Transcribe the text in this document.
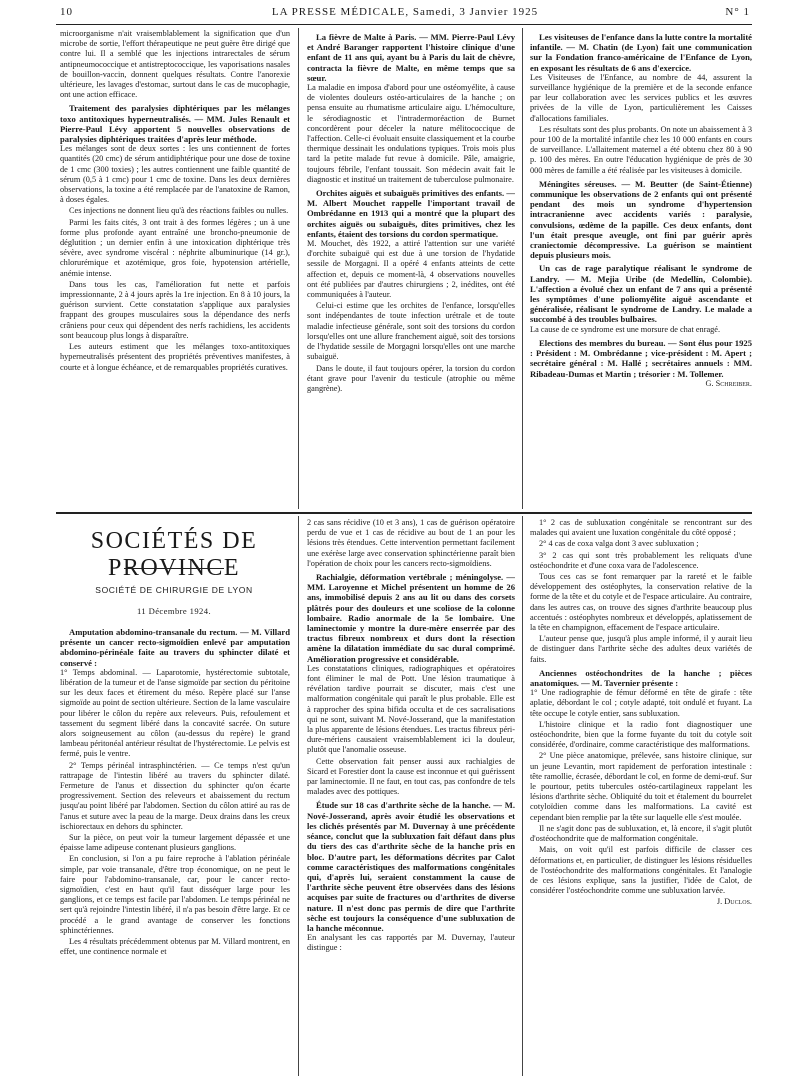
10	LA PRESSE MÉDICALE, Samedi, 3 Janvier 1925	N° 1

microorganisme n'ait vraisemblablement la signification que d'un microbe de sortie, l'effort thérapeutique ne peut guère être dirigé que contre lui. Il a semblé que les injections intrarectales de sérum antipneumococcique et antistreptococcique, les vaporisations nasales de bouillon-vaccin, donnent quelques résultats. Contre l'anorexie ultérieure, les lavages d'estomac, surtout dans le cas de mucophagie, ont une action efficace.

Traitement des paralysies diphtériques par les mélanges toxo antitoxiques hyperneutralisés. — MM. Jules Renault et Pierre-Paul Lévy apportent 5 nouvelles observations de paralysies diphtériques traitées d'après leur méthode.

Les mélanges sont de deux sortes : les uns contiennent de fortes quantités (20 cmc) de sérum antidiphtérique pour une dose de toxine de 1 cmc (300 toxies) ; les autres contiennent une faible quantité de sérum (0,5 à 1 cmc) pour 1 cmc de toxine. Dans les deux dernières observations, la toxine a été remplacée par de l'anatoxine de Ramon, à doses égales.

Ces injections ne donnent lieu qu'à des réactions faibles ou nulles.

Parmi les faits cités, 3 ont trait à des formes légères ; un à une forme plus profonde ayant entraîné une broncho-pneumonie de déglutition ; un dernier enfin à une intoxication diphtérique très sévère, avec syndrome viscéral : néphrite albuminurique (14 gr.), chlorurémique et azotémique, gros foie, hypotension artérielle, anémie intense.

Dans tous les cas, l'amélioration fut nette et parfois impressionnante, 2 à 4 jours après la 1re injection. En 8 à 10 jours, la guérison survient. Cette constatation s'applique aux paralysies frappant des groupes musculaires sous la dépendance des nerfs crâniens pour ceux qui dépendent des nerfs rachidiens, les accidents sont beaucoup plus longs à disparaître.

Les auteurs estiment que les mélanges toxo-antitoxiques hyperneutralisés présentent des propriétés préventives manifestes, à courte et à longue échéance, et de remarquables propriétés curatives.

La fièvre de Malte à Paris. — MM. Pierre-Paul Lévy et André Baranger rapportent l'histoire clinique d'une enfant de 11 ans qui, ayant bu à Paris du lait de chèvre, contracta la fièvre de Malte, en même temps que sa sœur.

La maladie en imposa d'abord pour une ostéomyélite, à cause de violentes douleurs ostéo-articulaires de la hanche ; on pensa ensuite au rhumatisme articulaire aigu. L'hémoculture, le sérodiagnostic et l'intradermoréaction de Burnet concordèrent pour déceler la nature mélitococcique de l'affection. Celle-ci évoluait ensuite classiquement et la courbe thermique dessinait les ondulations typiques. Trois mois plus tard la petite malade fut revue à domicile. Pâle, amaigrie, toujours fébrile, l'enfant toussait. Son médecin avait fait le diagnostic et institué un traitement de tuberculose pulmonaire.

Orchites aiguës et subaiguës primitives des enfants. — M. Albert Mouchet rappelle l'important travail de Ombrédanne en 1913 qui a montré que la plupart des orchites aiguës ou subaiguës, dites primitives, chez les enfants, étaient des torsions du cordon spermatique.

M. Mouchet, dès 1922, a attiré l'attention sur une variété d'orchite subaiguë qui est due à une torsion de l'hydatide sessile de Morgagni. Il a opéré 4 enfants atteints de cette affection et, depuis ce moment-là, 4 observations nouvelles ont été publiées par d'autres chirurgiens ; 2, inédites, ont été communiquées à l'auteur.

Celui-ci estime que les orchites de l'enfance, lorsqu'elles sont indépendantes de toute infection urétrale et de toute maladie infectieuse générale, sont soit des torsions du cordon lorsqu'elles ont une allure franchement aiguë, soit des torsions de l'hydatide sessile de Morgagni lorsqu'elles ont une marche subaiguë.

Dans le doute, il faut toujours opérer, la torsion du cordon étant grave pour l'avenir du testicule (atrophie ou même gangrène).

Les visiteuses de l'enfance dans la lutte contre la mortalité infantile. — M. Chatin (de Lyon) fait une communication sur la Fondation franco-américaine de l'Enfance de Lyon, en exposant les résultats de 6 ans d'exercice.

Les Visiteuses de l'Enfance, au nombre de 44, assurent la surveillance hygiénique de la première et de la seconde enfance par leur collaboration avec les services publics et les œuvres privées de la ville de Lyon, particulièrement les Caisses d'allocations familiales.

Les résultats sont des plus probants. On note un abaissement à 3 pour 100 de la mortalité infantile chez les 10 000 enfants en cours de surveillance. L'allaitement maternel a été obtenu chez 80 à 90 p. 100 des mères. En outre l'éducation hygiénique de près de 30 000 mères de famille a été réalisée par les visiteuses à domicile.

Méningites séreuses. — M. Beutter (de Saint-Étienne) communique les observations de 2 enfants qui ont présenté pendant des mois un syndrome d'hypertension intracranienne avec accidents variés : paralysie, convulsions, œdème de la papille. Ces deux enfants, dont l'un était presque aveugle, ont fini par guérir après craniectomie décompressive. La guérison se maintient depuis plusieurs mois.
Un cas de rage paralytique réalisant le syndrome de Landry. — M. Mejia Uribe (de Medellín, Colombie). L'affection a évolué chez un enfant de 7 ans qui a présenté les symptômes d'une poliomyélite aiguë ascendante et généralisée, réalisant le syndrome de Landry. Le malade a succombé à des troubles bulbaires.

La cause de ce syndrome est une morsure de chat enragé.

Elections des membres du bureau. — Sont élus pour 1925 : Président : M. Ombrédanne ; vice-président : M. Apert ; secrétaire général : M. Hallé ; secrétaires annuels : MM. Ribadeau-Dumas et Martin ; trésorier : M. Tollemer.

G. Schreiber.

SOCIÉTÉS DE PROVINCE
SOCIÉTÉ DE CHIRURGIE DE LYON
11 Décembre 1924.
Amputation abdomino-transanale du rectum. — M. Villard présente un cancer recto-sigmoïdien enlevé par amputation abdomino-périnéale faite au travers du sphincter dilaté et conservé :

1° Temps abdominal. — Laparotomie, hystérectomie subtotale, libération de la tumeur et de l'anse sigmoïde par section du péritoine sur les deux faces et étirement du méso. Repère placé sur l'anse sigmoïde au point de section ultérieure. Section de la lame vasculaire pour libérer le côlon du repère aux releveurs. Puis, refoulement et tassement du segment libéré dans la concavité sacrée. On suture alors soigneusement au côlon (au-dessus du repère) le grand lambeau péritonéal antérieur résultat de l'hystérectomie. Le pelvis est fermé, puis le ventre.

2° Temps périnéal intrasphinctérien. — Ce temps n'est qu'un rattrapage de l'intestin libéré au travers du sphincter dilaté. Fermeture de l'anus et dissection du sphincter qu'on écarte progressivement. Section des releveurs et abaissement du rectum jusqu'au point libéré par l'abdomen. Section du côlon attiré au ras de l'anus et suture avec la peau de la marge. Deux drains dans les creux ischiorectaux en dehors du sphincter.

Sur la pièce, on peut voir la tumeur largement dépassée et une épaisse lame adipeuse contenant plusieurs ganglions.

En conclusion, si l'on a pu faire reproche à l'ablation périnéale simple, par voie transanale, d'être trop économique, on ne peut le faire pour l'abdomino-transanale, car, pour le cancer recto-sigmoïdien, c'est en haut qu'il faut disséquer large pour les ganglions, et ce temps est facile par l'abdomen. Le temps périnéal ne sert qu'à rejoindre l'intestin libéré, il n'a pas besoin d'être large. Et ce procédé a le grand avantage de conserver les fonctions sphinctériennes.

Les 4 résultats précédemment obtenus par M. Villard montrent, en effet, une continence normale et

2 cas sans récidive (10 et 3 ans), 1 cas de guérison opératoire perdu de vue et 1 cas de récidive au bout de 1 an pour les lésions très étendues. Cette intervention permettant facilement une exérèse large avec conservation sphinctérienne paraît bien l'opération de choix pour les cancers recto-sigmoïdiens.

Rachialgie, déformation vertébrale ; méningolyse. — MM. Laroyenne et Michel présentent un homme de 26 ans, immobilisé depuis 2 ans au lit ou dans des corsets plâtrés pour des douleurs et une scoliose de la colonne lombaire. Radio anormale de la 5e lombaire. Une laminectomie y montre la dure-mère enserrée par des tractus fibreux nombreux et durs dont la résection amène la dilatation immédiate du sac dural comprimé. Amélioration progressive et considérable.

Les constatations cliniques, radiographiques et opératoires font éliminer le mal de Pott. Une lésion traumatique à révélation tardive pourrait se discuter, mais c'est une malformation congénitale qui paraît le plus probable. Elle est à rapprocher des spina bifida occulta et de ces sacralisations qui ne sont, suivant M. Nové-Josserand, que la manifestation la plus apparente de lésions étendues. Les tractus fibreux péri-dure-mériens causaient vraisemblablement ici la douleur, plutôt que l'anomalie osseuse.

Cette observation fait penser aussi aux rachialgies de Sicard et Forestier dont la cause est inconnue et qui guérissent par laminectomie. Il ne faut, en tout cas, pas confondre de tels malades avec des pottiques.

Étude sur 18 cas d'arthrite sèche de la hanche. — M. Nové-Josserand, après avoir étudié les observations et les clichés présentés par M. Duvernay à une précédente séance, conclut que la subluxation fait défaut dans plus du tiers des cas d'arthrite sèche de la hanche pris en bloc. D'autre part, les déformations décrites par Calot comme caractéristiques des malformations congénitales qui, d'après lui, seraient constamment la cause de l'arthrite sèche peuvent être observées dans des lésions acquises par suite de fractures ou d'arthrites de diverse nature. Il n'est donc pas permis de dire que l'arthrite sèche est toujours la conséquence d'une subluxation de la hanche méconnue.

En analysant les cas rapportés par M. Duvernay, l'auteur distingue :

1° 2 cas de subluxation congénitale se rencontrant sur des malades qui avaient une luxation congénitale du côté opposé ;

2° 4 cas de coxa valga dont 3 avec subluxation ;

3° 2 cas qui sont très probablement les reliquats d'une ostéochondrite et d'une coxa vara de l'adolescence.

Tous ces cas se font remarquer par la rareté et le faible développement des ostéophytes, la conservation relative de la forme de la tête et du cotyle et de l'espace articulaire. Au contraire, dans les autres cas, on trouve des signes d'arthrite beaucoup plus accentués : ostéophytes nombreux et développés, aplatissement de la tête en champignon, effacement de l'espace articulaire.

L'auteur pense que, jusqu'à plus ample informé, il y aurait lieu de distinguer dans l'arthrite sèche des adultes deux variétés de faits.

Anciennes ostéochondrites de la hanche ; pièces anatomiques. — M. Tavernier présente :

1° Une radiographie de fémur déformé en tête de girafe : tête aplatie, débordant le col ; cotyle adapté, toit ondulé et fuyant. La tête occupe le cotyle entier, sans subluxation.

L'histoire clinique et la radio font diagnostiquer une ostéochondrite, bien que la forme fuyante du toit du cotyle soit considérée, d'ordinaire, comme caractéristique des malformations.

2° Une pièce anatomique, prélevée, sans histoire clinique, sur un jeune Levantin, mort rapidement de perforation intestinale : tête ramollie, écrasée, débordant le col, en forme de demi-œuf. Sur le pourtour, petits tubercules ostéo-cartilagineux rappelant les lésions d'arthrite sèche. Obliquité du toit et étalement du bourrelet cotyloïdien comme dans les malformations. La cavité est cependant bien remplie par la tête sur laquelle elle s'est moulée.

Il ne s'agit donc pas de subluxation, et, là encore, il s'agit plutôt d'ostéochondrite que de malformation congénitale.

Mais, on voit qu'il est parfois difficile de classer ces déformations et, en particulier, de distinguer les lésions résiduelles de l'ostéochondrite des malformations congénitales. Et l'analogie de ces lésions explique, sans la justifier, l'idée de Calot, de considérer l'ostéochondrite comme une subluxation larvée.

J. Duclos.
